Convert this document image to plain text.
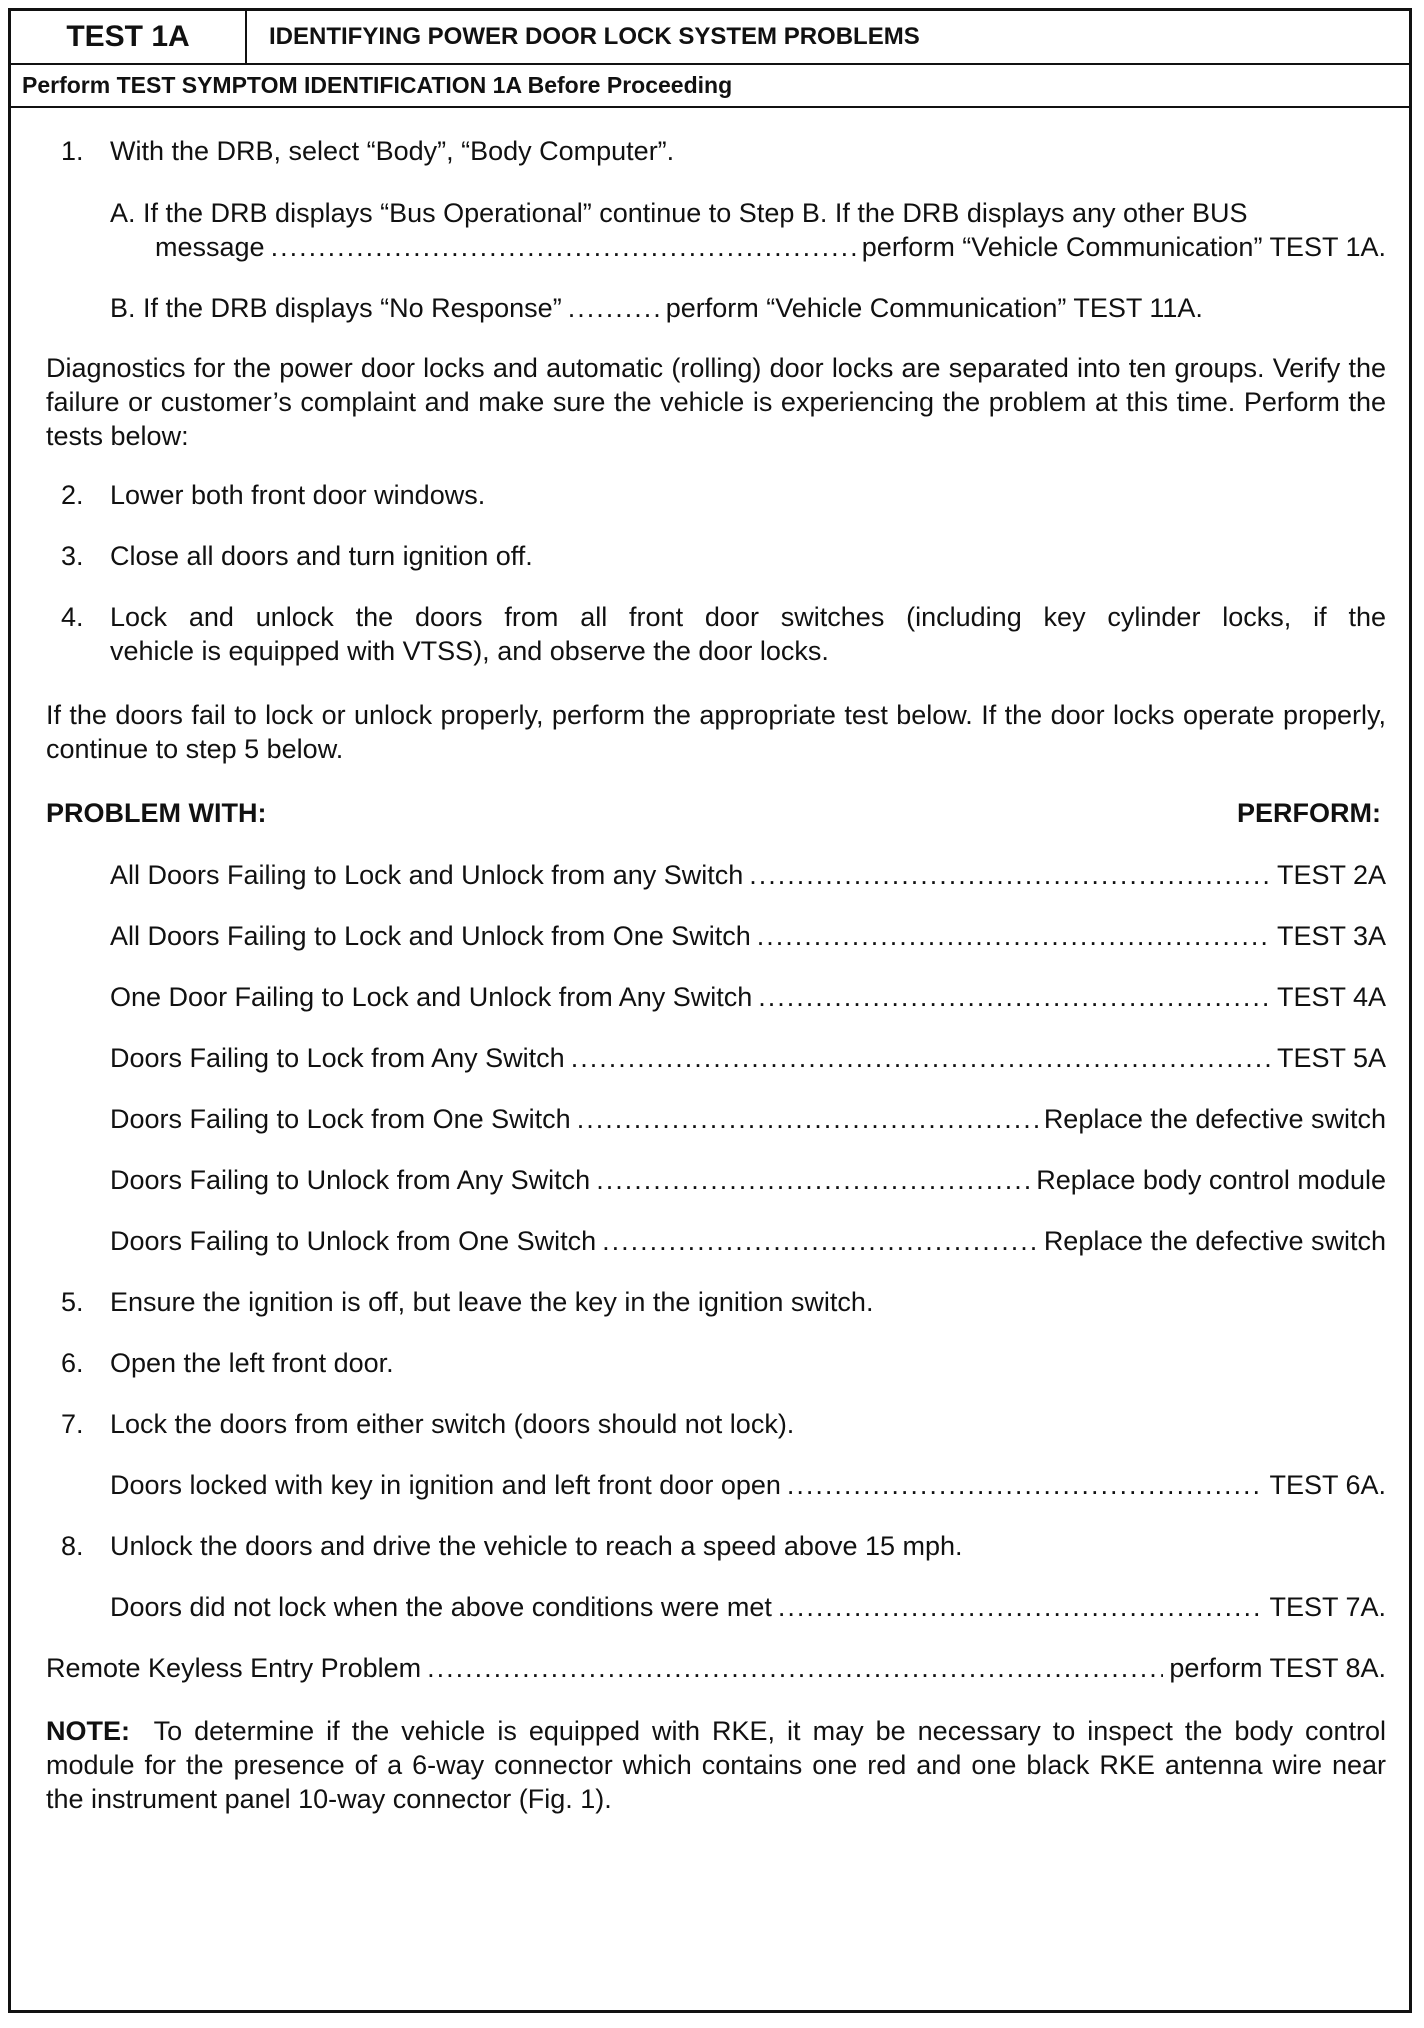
TEST 1A	IDENTIFYING POWER DOOR LOCK SYSTEM PROBLEMS
Perform TEST SYMPTOM IDENTIFICATION 1A Before Proceeding
1. With the DRB, select “Body”, “Body Computer”.
A. If the DRB displays “Bus Operational” continue to Step B. If the DRB displays any other BUS
message .....	perform “Vehicle Communication” TEST 1A.
B. If the DRB displays “No Response” .....	perform “Vehicle Communication” TEST 11A.
Diagnostics for the power door locks and automatic (rolling) door locks are separated into ten groups. Verify the failure or customer’s complaint and make sure the vehicle is experiencing the problem at this time. Perform the tests below:
2. Lower both front door windows.
3. Close all doors and turn ignition off.
4. Lock and unlock the doors from all front door switches (including key cylinder locks, if the
vehicle is equipped with VTSS), and observe the door locks.
If the doors fail to lock or unlock properly, perform the appropriate test below. If the door locks operate properly, continue to step 5 below.
PROBLEM WITH:	PERFORM:
All Doors Failing to Lock and Unlock from any Switch .....	TEST 2A
All Doors Failing to Lock and Unlock from One Switch .....	TEST 3A
One Door Failing to Lock and Unlock from Any Switch .....	TEST 4A
Doors Failing to Lock from Any Switch .....	TEST 5A
Doors Failing to Lock from One Switch .....	Replace the defective switch
Doors Failing to Unlock from Any Switch .....	Replace body control module
Doors Failing to Unlock from One Switch .....	Replace the defective switch
5. Ensure the ignition is off, but leave the key in the ignition switch.
6. Open the left front door.
7. Lock the doors from either switch (doors should not lock).
Doors locked with key in ignition and left front door open .....	TEST 6A.
8. Unlock the doors and drive the vehicle to reach a speed above 15 mph.
Doors did not lock when the above conditions were met .....	TEST 7A.
Remote Keyless Entry Problem .....	perform TEST 8A.
NOTE: To determine if the vehicle is equipped with RKE, it may be necessary to inspect the body control module for the presence of a 6-way connector which contains one red and one black RKE antenna wire near the instrument panel 10-way connector (Fig. 1).
